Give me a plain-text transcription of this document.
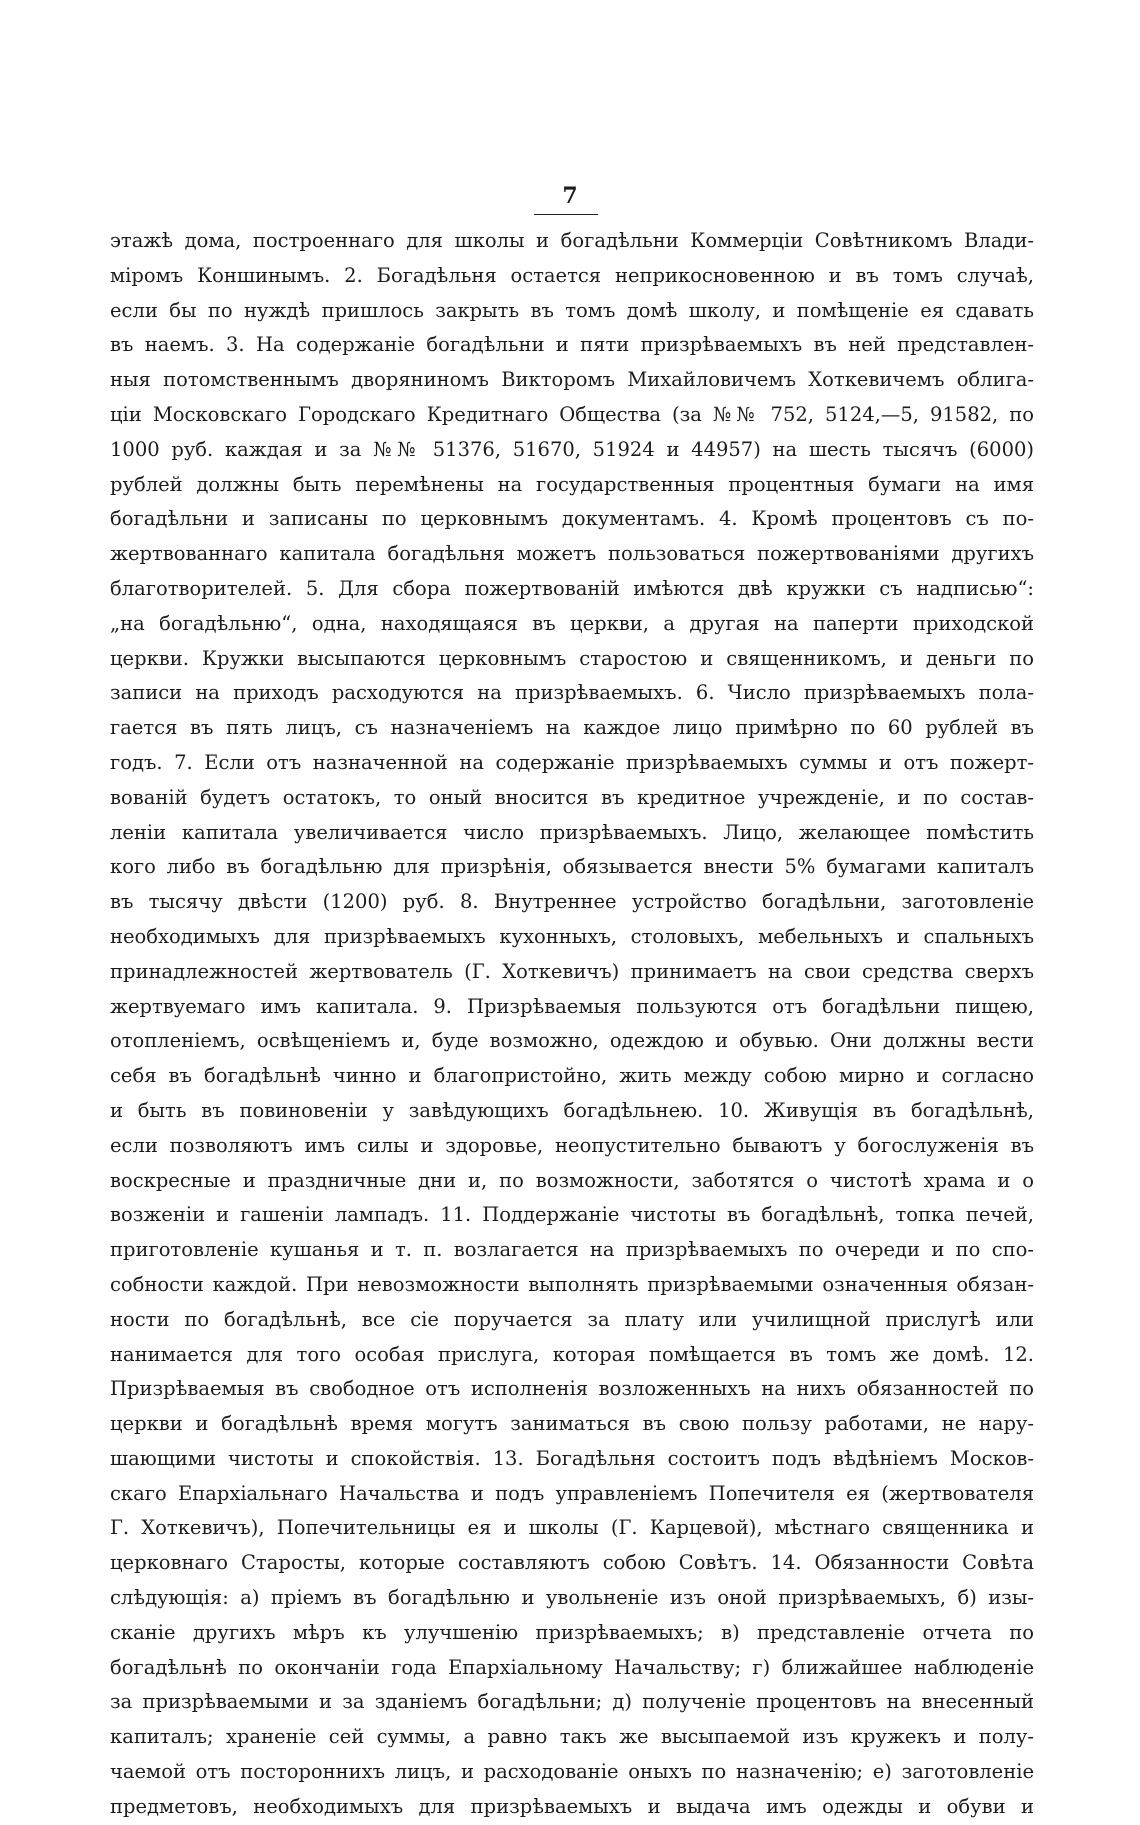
7
этажѣ дома, построеннаго для школы и богадѣльни Коммерціи Совѣтникомъ Влади-
міромъ Коншинымъ. 2. Богадѣльня остается неприкосновенною и въ томъ случаѣ,
если бы по нуждѣ пришлось закрыть въ томъ домѣ школу, и помѣщеніе ея сдавать
въ наемъ. 3. На содержаніе богадѣльни и пяти призрѣваемыхъ въ ней представлен-
ныя потомственнымъ дворяниномъ Викторомъ Михайловичемъ Хоткевичемъ облига-
ціи Московскаго Городскаго Кредитнаго Общества (за №№ 752, 5124,—5, 91582, по
1000 руб. каждая и за №№ 51376, 51670, 51924 и 44957) на шесть тысячъ (6000)
рублей должны быть перемѣнены на государственныя процентныя бумаги на имя
богадѣльни и записаны по церковнымъ документамъ. 4. Кромѣ процентовъ съ по-
жертвованнаго капитала богадѣльня можетъ пользоваться пожертвованіями другихъ
благотворителей. 5. Для сбора пожертвованій имѣются двѣ кружки съ надписью“:
„на богадѣльню“, одна, находящаяся въ церкви, а другая на паперти приходской
церкви. Кружки высыпаются церковнымъ старостою и священникомъ, и деньги по
записи на приходъ расходуются на призрѣваемыхъ. 6. Число призрѣваемыхъ пола-
гается въ пять лицъ, съ назначеніемъ на каждое лицо примѣрно по 60 рублей въ
годъ. 7. Если отъ назначенной на содержаніе призрѣваемыхъ суммы и отъ пожерт-
вованій будетъ остатокъ, то оный вносится въ кредитное учрежденіе, и по состав-
леніи капитала увеличивается число призрѣваемыхъ. Лицо, желающее помѣстить
кого либо въ богадѣльню для призрѣнія, обязывается внести 5% бумагами капиталъ
въ тысячу двѣсти (1200) руб. 8. Внутреннее устройство богадѣльни, заготовленіе
необходимыхъ для призрѣваемыхъ кухонныхъ, столовыхъ, мебельныхъ и спальныхъ
принадлежностей жертвователь (Г. Хоткевичъ) принимаетъ на свои средства сверхъ
жертвуемаго имъ капитала. 9. Призрѣваемыя пользуются отъ богадѣльни пищею,
отопленіемъ, освѣщеніемъ и, буде возможно, одеждою и обувью. Они должны вести
себя въ богадѣльнѣ чинно и благопристойно, жить между собою мирно и согласно
и быть въ повиновеніи у завѣдующихъ богадѣльнею. 10. Живущія въ богадѣльнѣ,
если позволяютъ имъ силы и здоровье, неопустительно бываютъ у богослуженія въ
воскресные и праздничные дни и, по возможности, заботятся о чистотѣ храма и о
возженіи и гашеніи лампадъ. 11. Поддержаніе чистоты въ богадѣльнѣ, топка печей,
приготовленіе кушанья и т. п. возлагается на призрѣваемыхъ по очереди и по спо-
собности каждой. При невозможности выполнять призрѣваемыми означенныя обязан-
ности по богадѣльнѣ, все сіе поручается за плату или училищной прислугѣ или
нанимается для того особая прислуга, которая помѣщается въ томъ же домѣ. 12.
Призрѣваемыя въ свободное отъ исполненія возложенныхъ на нихъ обязанностей по
церкви и богадѣльнѣ время могутъ заниматься въ свою пользу работами, не нару-
шающими чистоты и спокойствія. 13. Богадѣльня состоитъ подъ вѣдѣніемъ Москов-
скаго Епархіальнаго Начальства и подъ управленіемъ Попечителя ея (жертвователя
Г. Хоткевичъ), Попечительницы ея и школы (Г. Карцевой), мѣстнаго священника и
церковнаго Старосты, которые составляютъ собою Совѣтъ. 14. Обязанности Совѣта
слѣдующія: а) пріемъ въ богадѣльню и увольненіе изъ оной призрѣваемыхъ, б) изы-
сканіе другихъ мѣръ къ улучшенію призрѣваемыхъ; в) представленіе отчета по
богадѣльнѣ по окончаніи года Епархіальному Начальству; г) ближайшее наблюденіе
за призрѣваемыми и за зданіемъ богадѣльни; д) полученіе процентовъ на внесенный
капиталъ; храненіе сей суммы, а равно такъ же высыпаемой изъ кружекъ и полу-
чаемой отъ постороннихъ лицъ, и расходованіе оныхъ по назначенію; е) заготовленіе
предметовъ, необходимыхъ для призрѣваемыхъ и выдача имъ одежды и обуви и
